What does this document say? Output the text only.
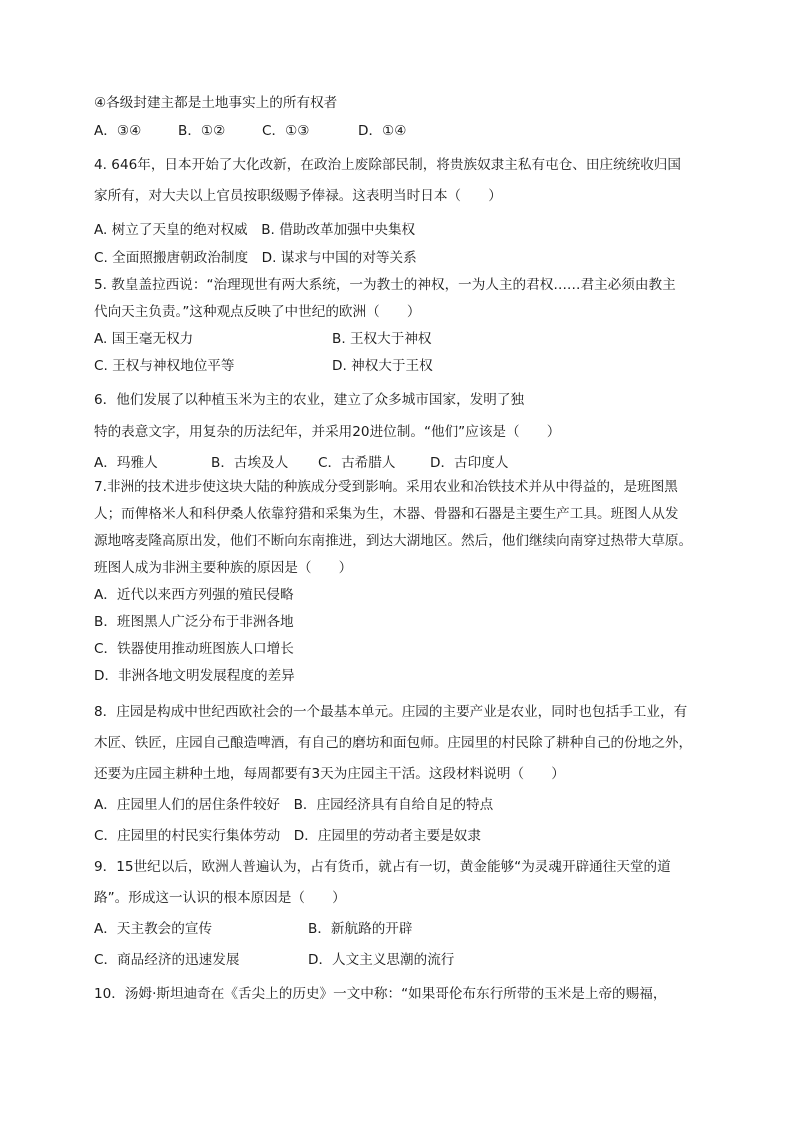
④各级封建主都是土地事实上的所有权者
A．③④	B．①②	C．①③	D．①④
4. 646年，日本开始了大化改新，在政治上废除部民制，将贵族奴隶主私有屯仓、田庄统统收归国
家所有，对大夫以上官员按职级赐予俸禄。这表明当时日本（　　）
A. 树立了天皇的绝对权威　B. 借助改革加强中央集权
C. 全面照搬唐朝政治制度　D. 谋求与中国的对等关系
5. 教皇盖拉西说：“治理现世有两大系统，一为教士的神权，一为人主的君权……君主必须由教主
代向天主负责。”这种观点反映了中世纪的欧洲（　　）
A. 国王毫无权力	B. 王权大于神权
C. 王权与神权地位平等	D. 神权大于王权
6．他们发展了以种植玉米为主的农业，建立了众多城市国家，发明了独
特的表意文字，用复杂的历法纪年，并采用20进位制。“他们”应该是（　　）
A．玛雅人	B．古埃及人 C．古希腊人	D．古印度人
7.非洲的技术进步使这块大陆的种族成分受到影响。采用农业和冶铁技术并从中得益的，是班图黑
人；而俾格米人和科伊桑人依靠狩猎和采集为生，木器、骨器和石器是主要生产工具。班图人从发
源地喀麦隆高原出发，他们不断向东南推进，到达大湖地区。然后，他们继续向南穿过热带大草原。
班图人成为非洲主要种族的原因是（　　）
A．近代以来西方列强的殖民侵略
B．班图黑人广泛分布于非洲各地
C．铁器使用推动班图族人口增长
D．非洲各地文明发展程度的差异
8．庄园是构成中世纪西欧社会的一个最基本单元。庄园的主要产业是农业，同时也包括手工业，有
木匠、铁匠，庄园自己酿造啤酒，有自己的磨坊和面包师。庄园里的村民除了耕种自己的份地之外，
还要为庄园主耕种土地，每周都要有3天为庄园主干活。这段材料说明（　　）
A．庄园里人们的居住条件较好　B．庄园经济具有自给自足的特点
C．庄园里的村民实行集体劳动　D．庄园里的劳动者主要是奴隶
9．15世纪以后，欧洲人普遍认为，占有货币，就占有一切，黄金能够“为灵魂开辟通往天堂的道
路”。形成这一认识的根本原因是（　　）
A．天主教会的宣传	B．新航路的开辟
C．商品经济的迅速发展	D．人文主义思潮的流行
10．汤姆·斯坦迪奇在《舌尖上的历史》一文中称：“如果哥伦布东行所带的玉米是上帝的赐福，
